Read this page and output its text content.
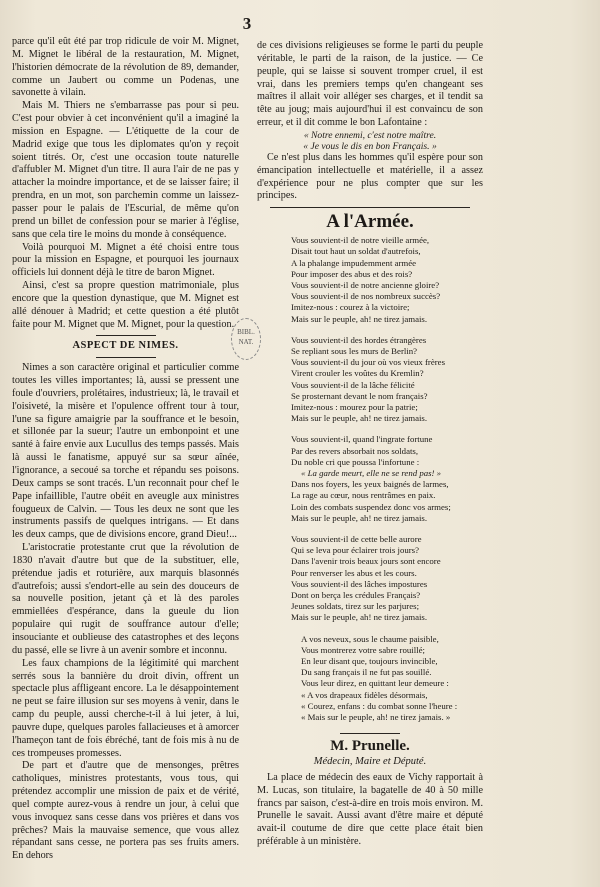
3

parce qu'il eût été par trop ridicule de voir M. Mignet, M. Mignet le libéral de la restauration, M. Mignet, l'historien démocrate de la révolution de 89, demander, comme un Jaubert ou comme un Podenas, une savonette à vilain.

Mais M. Thiers ne s'embarrasse pas pour si peu. C'est pour obvier à cet inconvénient qu'il a imaginé la mission en Espagne. — L'étiquette de la cour de Madrid exige que tous les diplomates qu'on y reçoit soient titrés. Or, c'est une occasion toute naturelle d'affubler M. Mignet d'un titre. Il aura l'air de ne pas y attacher la moindre importance, et de se laisser faire; il prendra, en un mot, son parchemin comme un laissez-passer pour le palais de l'Escurial, de même qu'on prend un billet de confession pour se marier à l'église, sans que cela tire le moins du monde à conséquence.

Voilà pourquoi M. Mignet a été choisi entre tous pour la mission en Espagne, et pourquoi les journaux officiels lui donnent déjà le titre de baron Mignet.

Ainsi, c'est sa propre question matrimoniale, plus encore que la question dynastique, que M. Mignet est allé dénouer à Madrid; et cette question a été plutôt faite pour M. Mignet que M. Mignet, pour la question.

ASPECT DE NIMES.

Nimes a son caractère original et particulier comme toutes les villes importantes; là, aussi se pressent une foule d'ouvriers, prolétaires, industrieux; là, le travail et l'oisiveté, la misère et l'opulence offrent tour à tour, l'une sa figure amaigrie par la souffrance et le besoin, et sillonée par la sueur; l'autre un embonpoint et une santé à faire envie aux Lucullus des temps passés. Mais là aussi le fanatisme, appuyé sur sa sœur aînée, l'ignorance, a secoué sa torche et répandu ses poisons. Deux camps se sont tracés. L'un reconnait pour chef le Pape infaillible, l'autre obéit en aveugle aux ministres fougueux de Calvin. — Tous les deux ne sont que les instruments passifs de quelques intrigans. — Et dans les deux camps, que de divisions encore, grand Dieu!...

L'aristocratie protestante crut que la révolution de 1830 n'avait d'autre but que de la substituer, elle, prétendue jadis et roturière, aux marquis blasonnés d'autrefois; aussi s'endort-elle au sein des douceurs de sa nouvelle position, jetant çà et là des paroles emmiellées d'espérance, dans la gueule du lion populaire qui rugit de souffrance autour d'elle; insouciante et oublieuse des catastrophes et des leçons du passé, elle se livre à un avenir sombre et inconnu.

Les faux champions de la légitimité qui marchent serrés sous la bannière du droit divin, offrent un spectacle plus affligeant encore. La le désappointement ne peut se faire illusion sur ses moyens à venir, dans le camp du peuple, aussi cherche-t-il à lui jeter, à lui, pauvre dupe, quelques paroles fallacieuses et à amorcer l'hameçon tant de fois ébréché, tant de fois mis à nu de ces trompeuses promesses.

De part et d'autre que de mensonges, prêtres catholiques, ministres protestants, vous tous, qui prétendez accomplir une mission de paix et de vérité, quel compte aurez-vous à rendre un jour, à celui que vous invoquez sans cesse dans vos prières et dans vos prêches? Mais la mauvaise semence, que vous allez répandant sans cesse, ne portera pas ses fruits amers. En dehors

BIBL. NAT.

de ces divisions religieuses se forme le parti du peuple véritable, le parti de la raison, de la justice. — Ce peuple, qui se laisse si souvent tromper cruel, il est vrai, dans les premiers temps qu'en changeant ses maîtres il allait voir alléger ses charges, et il tendit sa tête au joug; mais aujourd'hui il est convaincu de son erreur, et il dit comme le bon Lafontaine :

« Notre ennemi, c'est notre maître.
« Je vous le dis en bon Français. »

Ce n'est plus dans les hommes qu'il espère pour son émancipation intellectuelle et matérielle, il a assez d'expérience pour ne plus compter que sur les principes.

A l'Armée.
Vous souvient-il de notre vieille armée,
Disait tout haut un soldat d'autrefois,
A la phalange impudemment armée
Pour imposer des abus et des rois?
Vous souvient-il de notre ancienne gloire?
Vous souvient-il de nos nombreux succès?
Imitez-nous : courez à la victoire;
Mais sur le peuple, ah! ne tirez jamais.
Vous souvient-il des hordes étrangères
Se repliant sous les murs de Berlin?
Vous souvient-il du jour où vos vieux frères
Virent crouler les voûtes du Kremlin?
Vous souvient-il de la lâche félicité
Se prosternant devant le nom français?
Imitez-nous : mourez pour la patrie;
Mais sur le peuple, ah! ne tirez jamais.
Vous souvient-il, quand l'ingrate fortune
Par des revers absorbait nos soldats,
Du noble cri que poussa l'infortune :
« La garde meurt, elle ne se rend pas! »
Dans nos foyers, les yeux baignés de larmes,
La rage au cœur, nous rentrâmes en paix.
Loin des combats suspendez donc vos armes;
Mais sur le peuple, ah! ne tirez jamais.
Vous souvient-il de cette belle aurore
Qui se leva pour éclairer trois jours?
Dans l'avenir trois beaux jours sont encore
Pour renverser les abus et les cours.
Vous souvient-il des lâches impostures
Dont on berça les crédules Français?
Jeunes soldats, tirez sur les parjures;
Mais sur le peuple, ah! ne tirez jamais.
A vos neveux, sous le chaume paisible,
Vous montrerez votre sabre rouillé;
En leur disant que, toujours invincible,
Du sang français il ne fut pas souillé.
Vous leur direz, en quittant leur demeure :
« A vos drapeaux fidèles désormais,
« Courez, enfans : du combat sonne l'heure :
« Mais sur le peuple, ah! ne tirez jamais. »
M. Prunelle.
Médecin, Maire et Député.

La place de médecin des eaux de Vichy rapportait à M. Lucas, son titulaire, la bagatelle de 40 à 50 mille francs par saison, c'est-à-dire en trois mois environ. M. Prunelle le savait. Aussi avant d'être maire et député avait-il coutume de dire que cette place était bien préférable à un ministère.
